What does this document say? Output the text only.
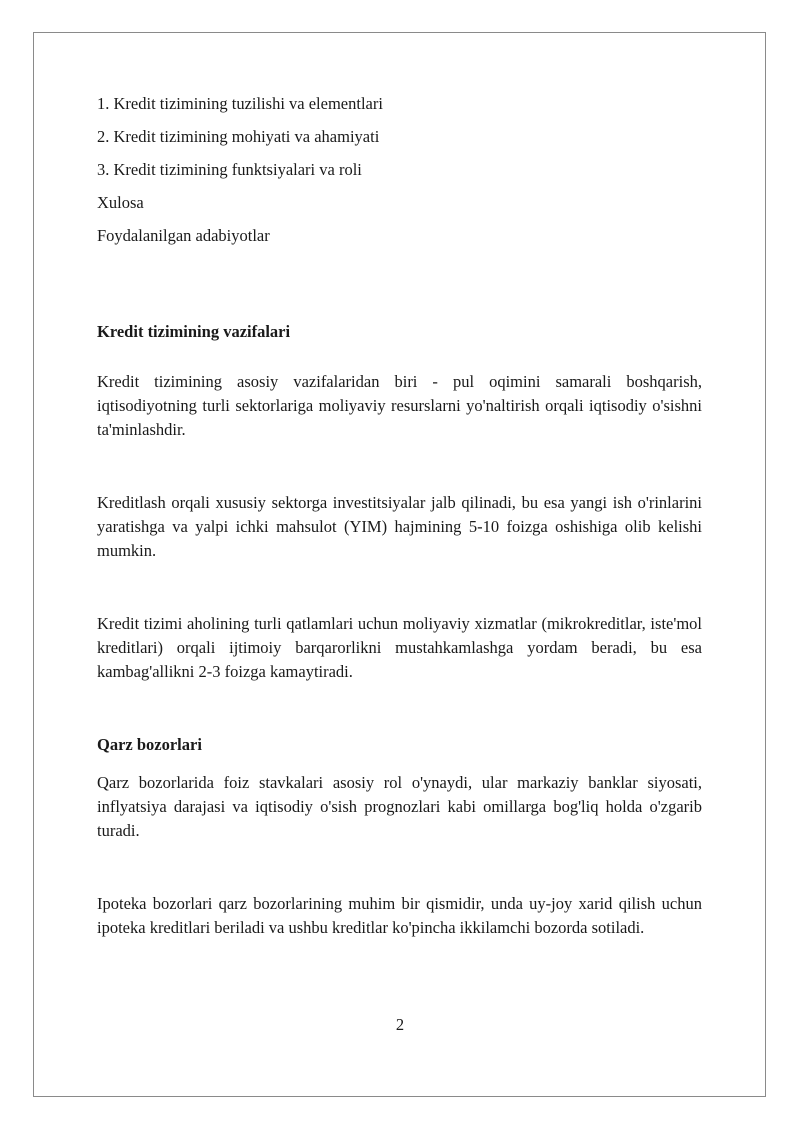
1. Kredit tizimining tuzilishi va elementlari

2. Kredit tizimining mohiyati va ahamiyati

3. Kredit tizimining funktsiyalari va roli

Xulosa

Foydalanilgan adabiyotlar

Kredit tizimining vazifalari

Kredit tizimining asosiy vazifalaridan biri - pul oqimini samarali boshqarish, iqtisodiyotning turli sektorlariga moliyaviy resurslarni yo'naltirish orqali iqtisodiy o'sishni ta'minlashdir.

Kreditlash orqali xususiy sektorga investitsiyalar jalb qilinadi, bu esa yangi ish o'rinlarini yaratishga va yalpi ichki mahsulot (YIM) hajmining 5-10 foizga oshishiga olib kelishi mumkin.

Kredit tizimi aholining turli qatlamlari uchun moliyaviy xizmatlar (mikrokreditlar, iste'mol kreditlari) orqali ijtimoiy barqarorlikni mustahkamlashga yordam beradi, bu esa kambag'allikni 2-3 foizga kamaytiradi.

Qarz bozorlari

Qarz bozorlarida foiz stavkalari asosiy rol o'ynaydi, ular markaziy banklar siyosati, inflyatsiya darajasi va iqtisodiy o'sish prognozlari kabi omillarga bog'liq holda o'zgarib turadi.

Ipoteka bozorlari qarz bozorlarining muhim bir qismidir, unda uy-joy xarid qilish uchun ipoteka kreditlari beriladi va ushbu kreditlar ko'pincha ikkilamchi bozorda sotiladi.

2
